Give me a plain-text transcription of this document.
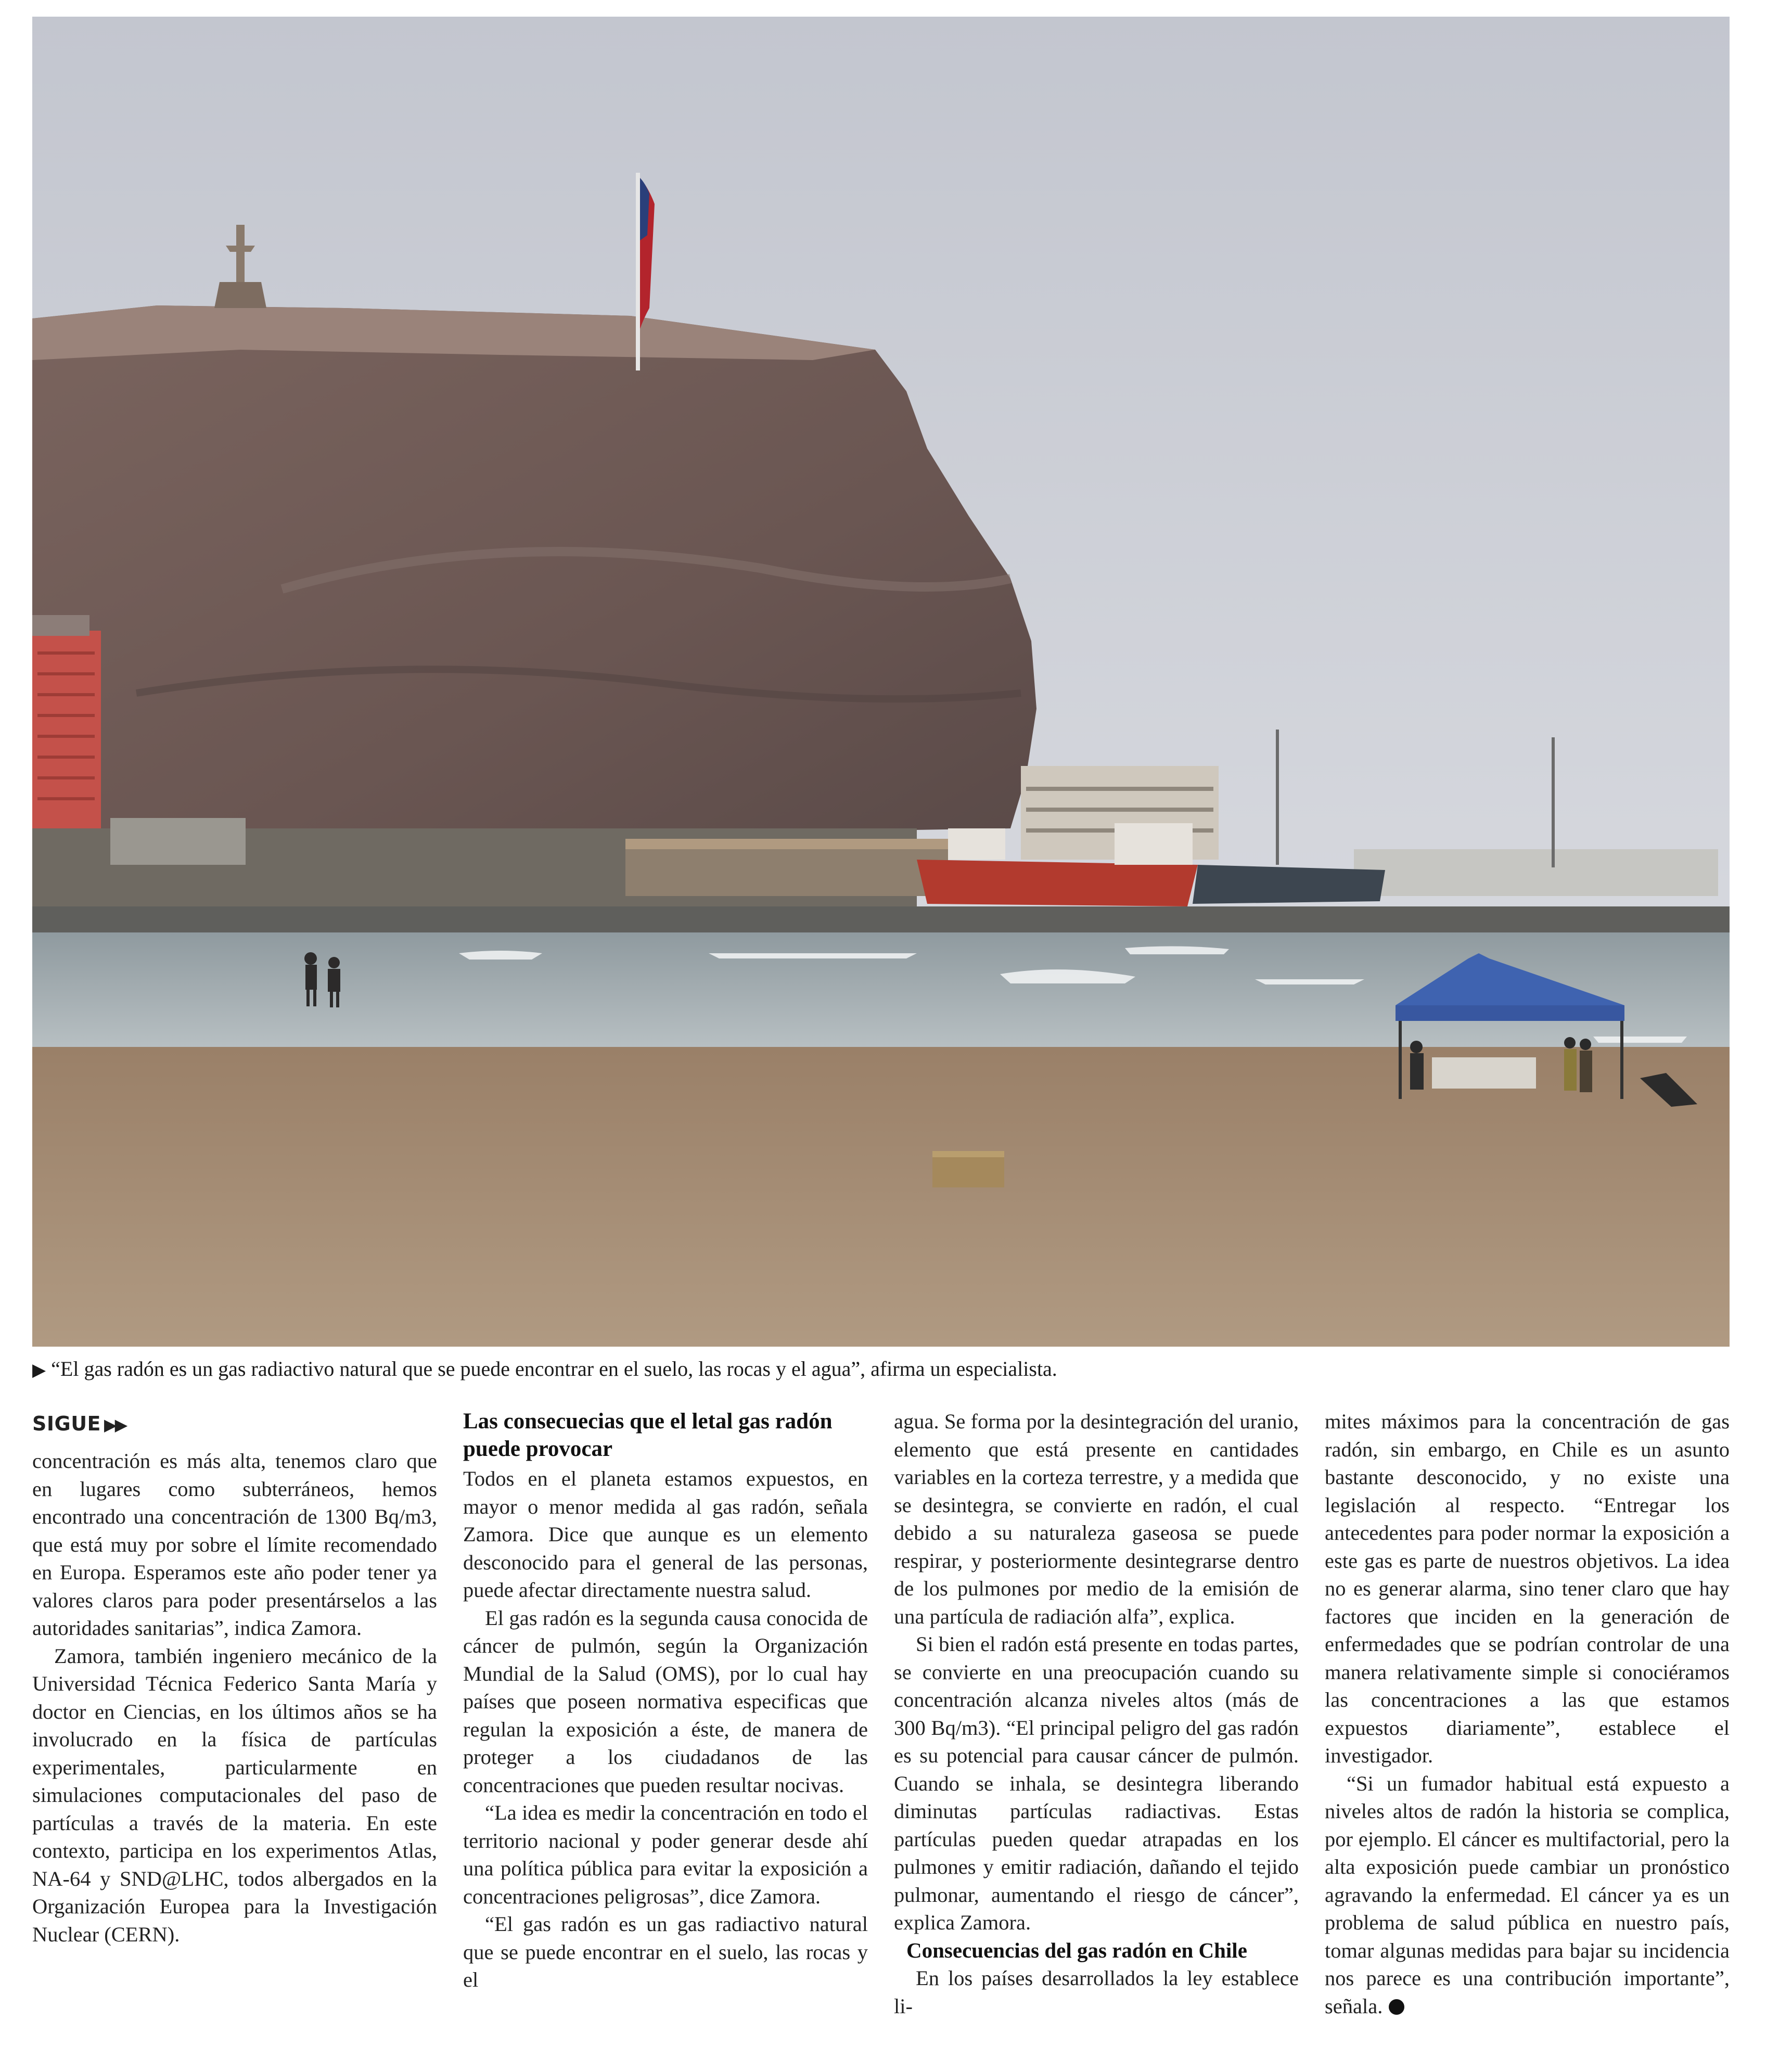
▶ “El gas radón es un gas radiactivo natural que se puede encontrar en el suelo, las rocas y el agua”, afirma un especialista.
SIGUE ▶▶

concentración es más alta, tenemos claro que en lugares como subterráneos, hemos encontrado una concentración de 1300 Bq/m3, que está muy por sobre el límite recomendado en Europa. Esperamos este año poder tener ya valores claros para poder presentárselos a las autoridades sanitarias”, indica Zamora.

Zamora, también ingeniero mecánico de la Universidad Técnica Federico Santa María y doctor en Ciencias, en los últimos años se ha involucrado en la física de partículas experimentales, particularmente en simulaciones computacionales del paso de partículas a través de la materia. En este contexto, participa en los experimentos Atlas, NA-64 y SND@LHC, todos albergados en la Organización Europea para la Investigación Nuclear (CERN).

Las consecuecias que el letal gas radón puede provocar

Todos en el planeta estamos expuestos, en mayor o menor medida al gas radón, señala Zamora. Dice que aunque es un elemento desconocido para el general de las personas, puede afectar directamente nuestra salud.

El gas radón es la segunda causa conocida de cáncer de pulmón, según la Organización Mundial de la Salud (OMS), por lo cual hay países que poseen normativa especificas que regulan la exposición a éste, de manera de proteger a los ciudadanos de las concentraciones que pueden resultar nocivas.

“La idea es medir la concentración en todo el territorio nacional y poder generar desde ahí una política pública para evitar la exposición a concentraciones peligrosas”, dice Zamora.

“El gas radón es un gas radiactivo natural que se puede encontrar en el suelo, las rocas y el

agua. Se forma por la desintegración del uranio, elemento que está presente en cantidades variables en la corteza terrestre, y a medida que se desintegra, se convierte en radón, el cual debido a su naturaleza gaseosa se puede respirar, y posteriormente desintegrarse dentro de los pulmones por medio de la emisión de una partícula de radiación alfa”, explica.

Si bien el radón está presente en todas partes, se convierte en una preocupación cuando su concentración alcanza niveles altos (más de 300 Bq/m3). “El principal peligro del gas radón es su potencial para causar cáncer de pulmón. Cuando se inhala, se desintegra liberando diminutas partículas radiactivas. Estas partículas pueden quedar atrapadas en los pulmones y emitir radiación, dañando el tejido pulmonar, aumentando el riesgo de cáncer”, explica Zamora.

Consecuencias del gas radón en Chile

En los países desarrollados la ley establece li-

mites máximos para la concentración de gas radón, sin embargo, en Chile es un asunto bastante desconocido, y no existe una legislación al respecto. “Entregar los antecedentes para poder normar la exposición a este gas es parte de nuestros objetivos. La idea no es generar alarma, sino tener claro que hay factores que inciden en la generación de enfermedades que se podrían controlar de una manera relativamente simple si conociéramos las concentraciones a las que estamos expuestos diariamente”, establece el investigador.

“Si un fumador habitual está expuesto a niveles altos de radón la historia se complica, por ejemplo. El cáncer es multifactorial, pero la alta exposición puede cambiar un pronóstico agravando la enfermedad. El cáncer ya es un problema de salud pública en nuestro país, tomar algunas medidas para bajar su incidencia nos parece es una contribución importante”, señala.
